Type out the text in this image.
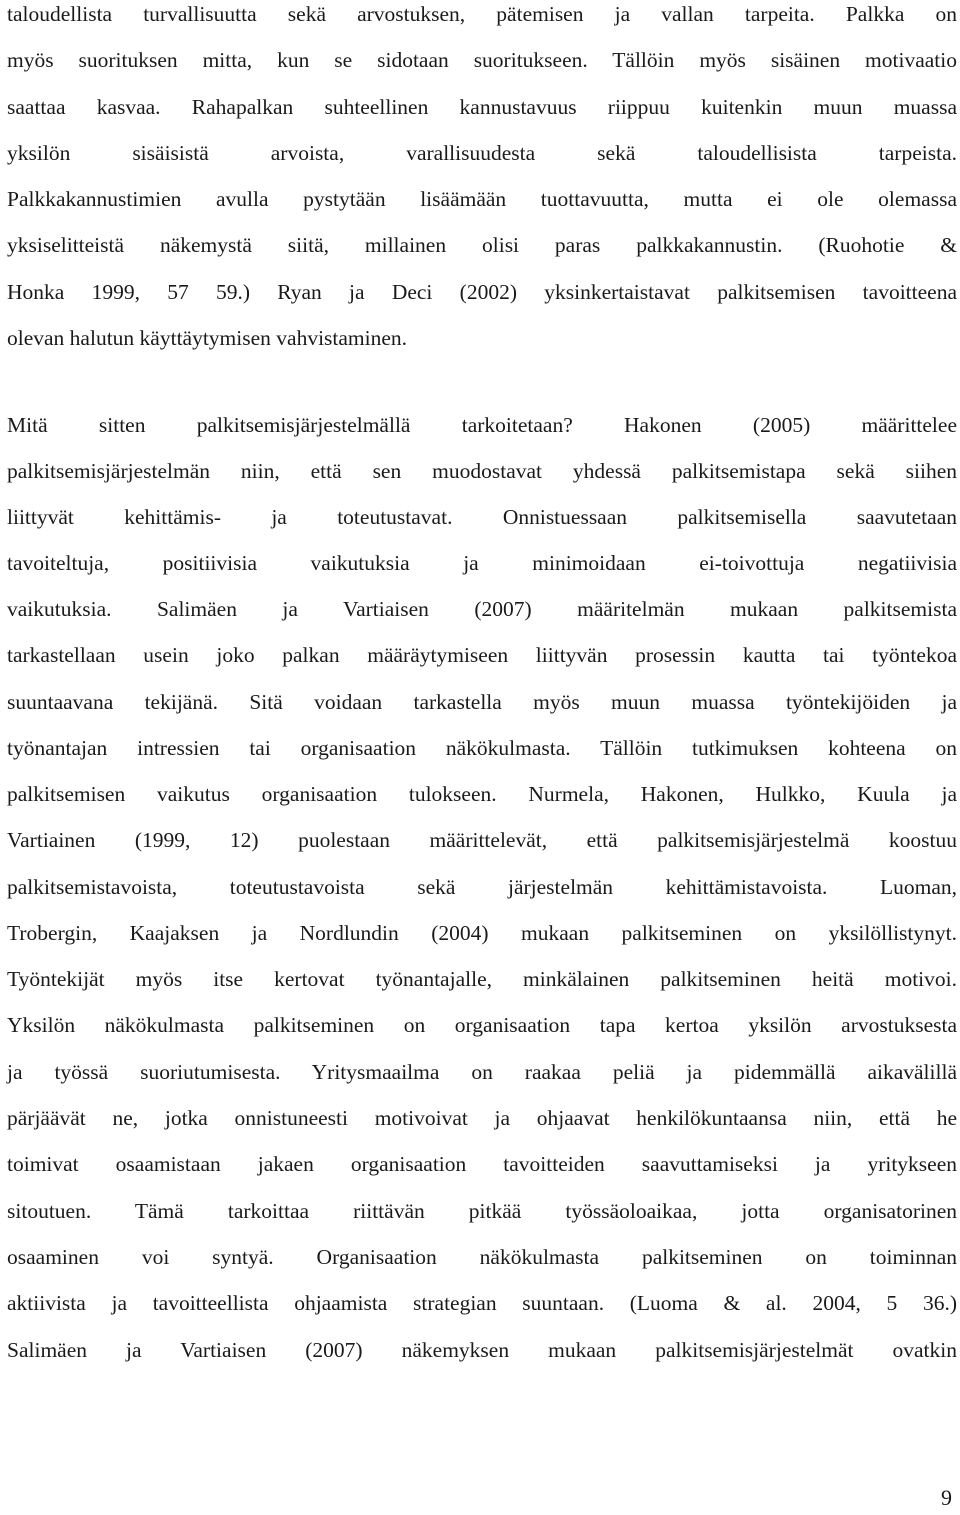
taloudellista turvallisuutta sekä arvostuksen, pätemisen ja vallan tarpeita. Palkka on
myös suorituksen mitta, kun se sidotaan suoritukseen. Tällöin myös sisäinen motivaatio
saattaa kasvaa. Rahapalkan suhteellinen kannustavuus riippuu kuitenkin muun muassa
yksilön sisäisistä arvoista, varallisuudesta sekä taloudellisista tarpeista.
Palkkakannustimien avulla pystytään lisäämään tuottavuutta, mutta ei ole olemassa
yksiselitteistä näkemystä siitä, millainen olisi paras palkkakannustin. (Ruohotie &
Honka 1999, 57 59.) Ryan ja Deci (2002) yksinkertaistavat palkitsemisen tavoitteena
olevan halutun käyttäytymisen vahvistaminen.
Mitä sitten palkitsemisjärjestelmällä tarkoitetaan? Hakonen (2005) määrittelee
palkitsemisjärjestelmän niin, että sen muodostavat yhdessä palkitsemistapa sekä siihen
liittyvät kehittämis- ja toteutustavat. Onnistuessaan palkitsemisella saavutetaan
tavoiteltuja, positiivisia vaikutuksia ja minimoidaan ei-toivottuja negatiivisia
vaikutuksia. Salimäen ja Vartiaisen (2007) määritelmän mukaan palkitsemista
tarkastellaan usein joko palkan määräytymiseen liittyvän prosessin kautta tai työntekoa
suuntaavana tekijänä. Sitä voidaan tarkastella myös muun muassa työntekijöiden ja
työnantajan intressien tai organisaation näkökulmasta. Tällöin tutkimuksen kohteena on
palkitsemisen vaikutus organisaation tulokseen. Nurmela, Hakonen, Hulkko, Kuula ja
Vartiainen (1999, 12) puolestaan määrittelevät, että palkitsemisjärjestelmä koostuu
palkitsemistavoista, toteutustavoista sekä järjestelmän kehittämistavoista. Luoman,
Trobergin, Kaajaksen ja Nordlundin (2004) mukaan palkitseminen on yksilöllistynyt.
Työntekijät myös itse kertovat työnantajalle, minkälainen palkitseminen heitä motivoi.
Yksilön näkökulmasta palkitseminen on organisaation tapa kertoa yksilön arvostuksesta
ja työssä suoriutumisesta. Yritysmaailma on raakaa peliä ja pidemmällä aikavälillä
pärjäävät ne, jotka onnistuneesti motivoivat ja ohjaavat henkilökuntaansa niin, että he
toimivat osaamistaan jakaen organisaation tavoitteiden saavuttamiseksi ja yritykseen
sitoutuen. Tämä tarkoittaa riittävän pitkää työssäoloaikaa, jotta organisatorinen
osaaminen voi syntyä. Organisaation näkökulmasta palkitseminen on toiminnan
aktiivista ja tavoitteellista ohjaamista strategian suuntaan. (Luoma & al. 2004, 5 36.)
Salimäen ja Vartiaisen (2007) näkemyksen mukaan palkitsemisjärjestelmät ovatkin
9
